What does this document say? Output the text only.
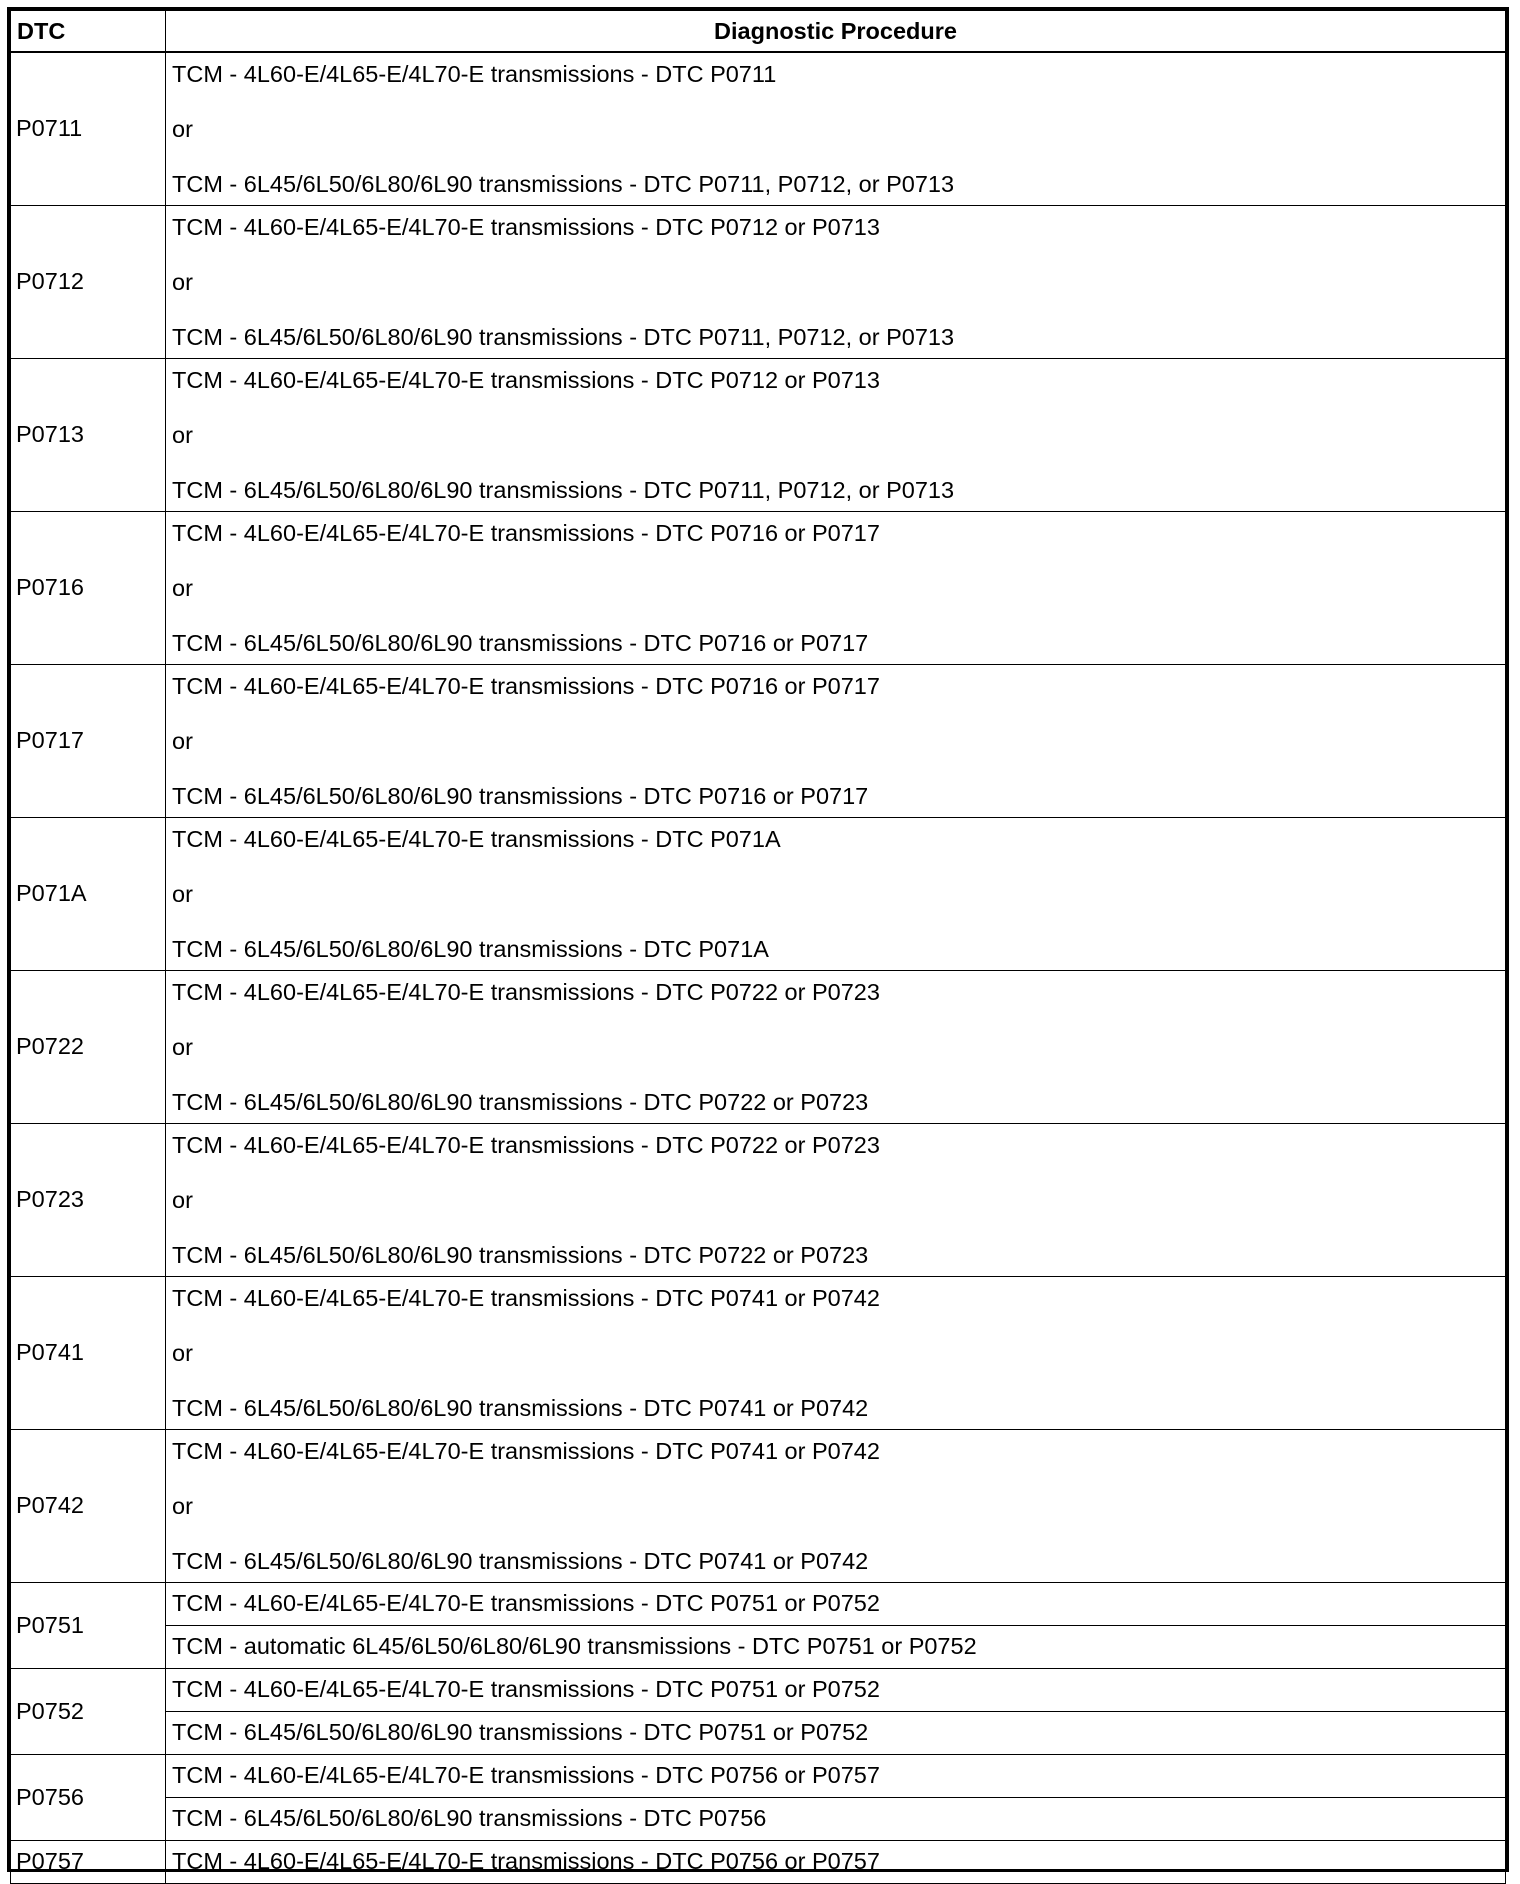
DTC	Diagnostic Procedure
P0711	TCM - 4L60-E/4L65-E/4L70-E transmissions - DTC P0711
or
TCM - 6L45/6L50/6L80/6L90 transmissions - DTC P0711, P0712, or P0713

P0712	TCM - 4L60-E/4L65-E/4L70-E transmissions - DTC P0712 or P0713
or
TCM - 6L45/6L50/6L80/6L90 transmissions - DTC P0711, P0712, or P0713

P0713	TCM - 4L60-E/4L65-E/4L70-E transmissions - DTC P0712 or P0713
or
TCM - 6L45/6L50/6L80/6L90 transmissions - DTC P0711, P0712, or P0713

P0716	TCM - 4L60-E/4L65-E/4L70-E transmissions - DTC P0716 or P0717
or
TCM - 6L45/6L50/6L80/6L90 transmissions - DTC P0716 or P0717

P0717	TCM - 4L60-E/4L65-E/4L70-E transmissions - DTC P0716 or P0717
or
TCM - 6L45/6L50/6L80/6L90 transmissions - DTC P0716 or P0717

P071A	TCM - 4L60-E/4L65-E/4L70-E transmissions - DTC P071A
or
TCM - 6L45/6L50/6L80/6L90 transmissions - DTC P071A

P0722	TCM - 4L60-E/4L65-E/4L70-E transmissions - DTC P0722 or P0723
or
TCM - 6L45/6L50/6L80/6L90 transmissions - DTC P0722 or P0723

P0723	TCM - 4L60-E/4L65-E/4L70-E transmissions - DTC P0722 or P0723
or
TCM - 6L45/6L50/6L80/6L90 transmissions - DTC P0722 or P0723

P0741	TCM - 4L60-E/4L65-E/4L70-E transmissions - DTC P0741 or P0742
or
TCM - 6L45/6L50/6L80/6L90 transmissions - DTC P0741 or P0742

P0742	TCM - 4L60-E/4L65-E/4L70-E transmissions - DTC P0741 or P0742
or
TCM - 6L45/6L50/6L80/6L90 transmissions - DTC P0741 or P0742

P0751	TCM - 4L60-E/4L65-E/4L70-E transmissions - DTC P0751 or P0752
	TCM - automatic 6L45/6L50/6L80/6L90 transmissions - DTC P0751 or P0752
P0752	TCM - 4L60-E/4L65-E/4L70-E transmissions - DTC P0751 or P0752
	TCM - 6L45/6L50/6L80/6L90 transmissions - DTC P0751 or P0752
P0756	TCM - 4L60-E/4L65-E/4L70-E transmissions - DTC P0756 or P0757
	TCM - 6L45/6L50/6L80/6L90 transmissions - DTC P0756
P0757	TCM - 4L60-E/4L65-E/4L70-E transmissions - DTC P0756 or P0757
